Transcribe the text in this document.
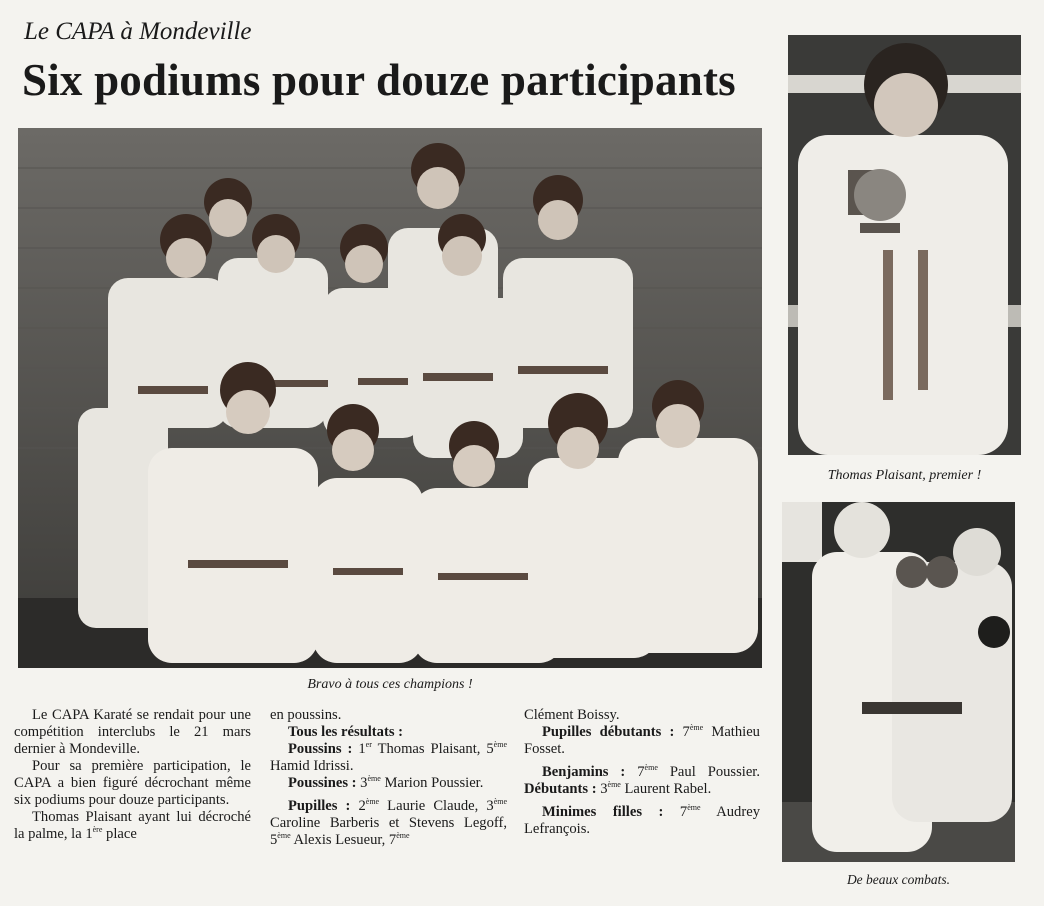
Le CAPA à Mondeville
Six podiums pour douze participants
Bravo à tous ces champions !
Thomas Plaisant, premier !
De beaux combats.

Le CAPA Karaté se rendait pour une compétition interclubs le 21 mars dernier à Mondeville.

Pour sa première participation, le CAPA a bien figuré décrochant même six podiums pour douze participants.

Thomas Plaisant ayant lui décroché la palme, la 1ère place

en poussins.

Tous les résultats :

Poussins : 1er Thomas Plaisant, 5ème Hamid Idrissi.

Poussines : 3ème Marion Poussier.

Pupilles : 2ème Laurie Claude, 3ème Caroline Barberis et Stevens Legoff, 5ème Alexis Lesueur, 7ème

Clément Boissy.

Pupilles débutants : 7ème Mathieu Fosset.

Benjamins : 7ème Paul Poussier. Débutants : 3ème Laurent Rabel.

Minimes filles : 7ème Audrey Lefrançois.
